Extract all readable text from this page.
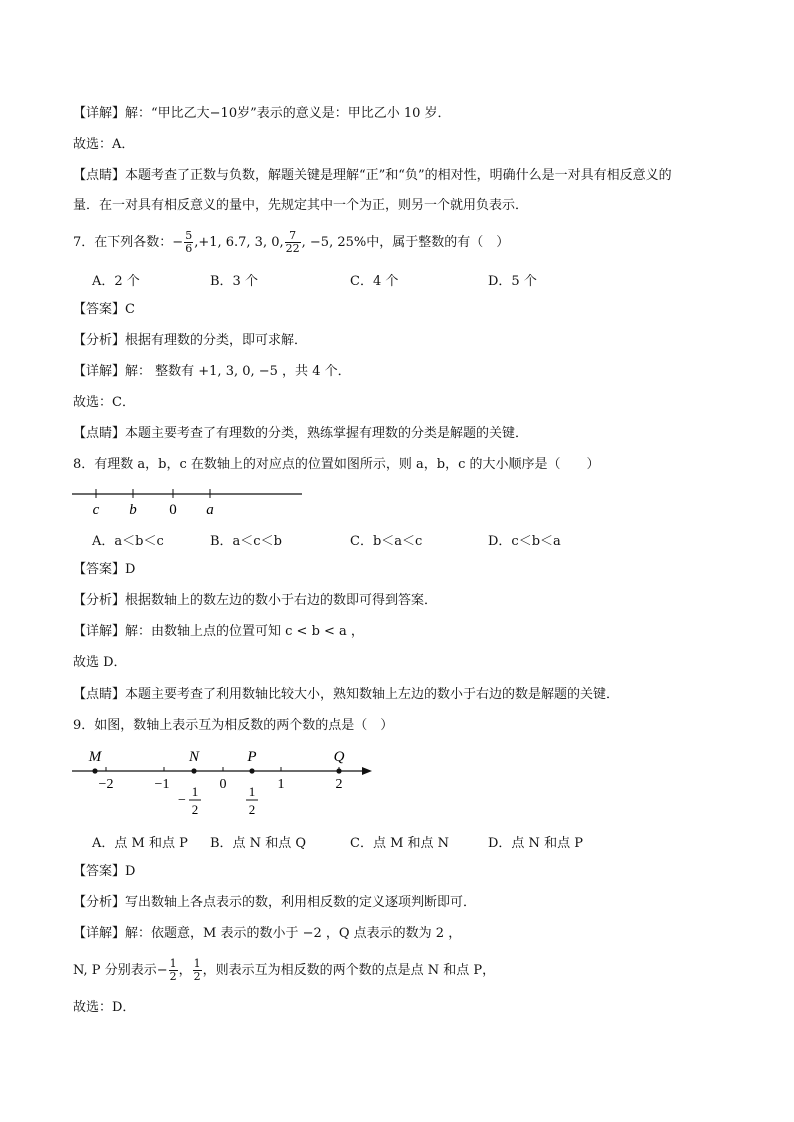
【详解】解：“甲比乙大−10岁”表示的意义是：甲比乙小 10 岁．
故选：A．
【点睛】本题考查了正数与负数，解题关键是理解“正”和“负”的相对性，明确什么是一对具有相反意义的
量．在一对具有相反意义的量中，先规定其中一个为正，则另一个就用负表示．
7．在下列各数：− $\frac{5}{6} ,+1$, 6.7, 3, 0, $\frac{7}{22}$ , −5, 25%中，属于整数的有（　）
A．2 个	B．3 个	C．4 个	D．5 个
【答案】C
【分析】根据有理数的分类，即可求解．
【详解】解： 整数有 +1, 3, 0, −5 ，共 4 个．
故选：C．
【点睛】本题主要考查了有理数的分类，熟练掌握有理数的分类是解题的关键．
8．有理数 a，b，c 在数轴上的对应点的位置如图所示，则 a，b，c 的大小顺序是（　　）
c b 0 a
A．a＜b＜c	B．a＜c＜b	C．b＜a＜c	D．c＜b＜a
【答案】D
【分析】根据数轴上的数左边的数小于右边的数即可得到答案．
【详解】解：由数轴上点的位置可知 c < b < a ，
故选 D．
【点睛】本题主要考查了利用数轴比较大小，熟知数轴上左边的数小于右边的数是解题的关键．
9．如图，数轴上表示互为相反数的两个数的点是（　）
M	N	P	Q
−2	−1	0	1	2
−
1
2
1
2
A．点 M 和点 P B．点 N 和点 Q	C．点 M 和点 N	D．点 N 和点 P
【答案】D
【分析】写出数轴上各点表示的数，利用相反数的定义逐项判断即可．
【详解】解：依题意，M 表示的数小于 −2 ，Q 点表示的数为 2 ，
N, P 分别表示− $\frac{1}{2}$ ， $\frac{1}{2}$ ，则表示互为相反数的两个数的点是点 N 和点 P，
故选：D．
